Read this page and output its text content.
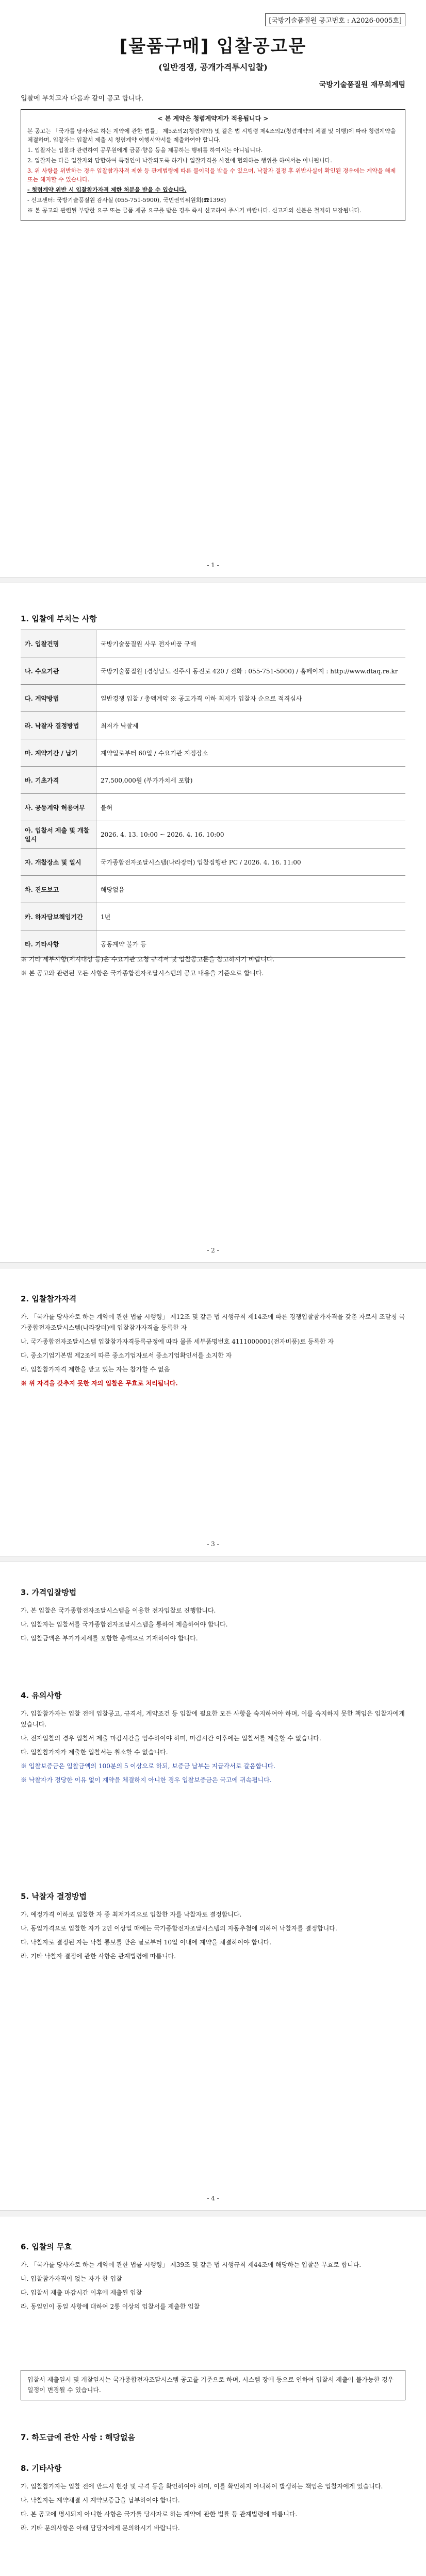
[국방기술품질원 공고번호 : A2026-0005호]
[물품구매] 입찰공고문
(일반경쟁, 공개가격투시입찰)
국방기술품질원 재무회계팀
입찰에 부치고자 다음과 같이 공고 합니다.
< 본 계약은 청렴계약제가 적용됩니다 >
본 공고는 「국가를 당사자로 하는 계약에 관한 법률」 제5조의2(청렴계약) 및 같은 법 시행령 제4조의2(청렴계약의 체결 및 이행)에 따라 청렴계약을 체결하며, 입찰자는 입찰서 제출 시 청렴계약 이행서약서를 제출하여야 합니다.
1. 입찰자는 입찰과 관련하여 공무원에게 금품·향응 등을 제공하는 행위를 하여서는 아니됩니다.
2. 입찰자는 다른 입찰자와 담합하여 특정인이 낙찰되도록 하거나 입찰가격을 사전에 협의하는 행위를 하여서는 아니됩니다.
3. 위 사항을 위반하는 경우 입찰참가자격 제한 등 관계법령에 따른 불이익을 받을 수 있으며, 낙찰자 결정 후 위반사실이 확인된 경우에는 계약을 해제 또는 해지할 수 있습니다.
- 청렴계약 위반 시 입찰참가자격 제한 처분을 받을 수 있습니다.
- 신고센터: 국방기술품질원 감사실 (055-751-5900), 국민권익위원회(☎1398)
※ 본 공고와 관련된 부당한 요구 또는 금품 제공 요구를 받은 경우 즉시 신고하여 주시기 바랍니다. 신고자의 신분은 철저히 보장됩니다.
- 1 -
1. 입찰에 부치는 사항
가. 입찰건명	국방기술품질원 사무 전자비품 구매
나. 수요기관	국방기술품질원 (경상남도 진주시 동진로 420 / 전화 : 055-751-5000) / 홈페이지 : http://www.dtaq.re.kr
다. 계약방법	일반경쟁 입찰 / 총액계약 ※ 공고가격 이하 최저가 입찰자 순으로 적격심사
라. 낙찰자 결정방법	최저가 낙찰제
마. 계약기간 / 납기	계약일로부터 60일 / 수요기관 지정장소
바. 기초가격	27,500,000원 (부가가치세 포함)
사. 공동계약 허용여부	불허
아. 입찰서 제출 및 개찰일시	2026. 4. 13. 10:00 ~ 2026. 4. 16. 10:00
자. 개찰장소 및 일시	국가종합전자조달시스템(나라장터) 입찰집행관 PC / 2026. 4. 16. 11:00
차. 진도보고	해당없음
카. 하자담보책임기간	1년
타. 기타사항	공동계약 불가 등
※ 기타 세부사항(제시대상 등)은 수요기관 요청 규격서 및 입찰공고문을 참고하시기 바랍니다.
※ 본 공고와 관련된 모든 사항은 국가종합전자조달시스템의 공고 내용을 기준으로 합니다.
- 2 -
2. 입찰참가자격
가. 「국가를 당사자로 하는 계약에 관한 법률 시행령」 제12조 및 같은 법 시행규칙 제14조에 따른 경쟁입찰참가자격을 갖춘 자로서 조달청 국가종합전자조달시스템(나라장터)에 입찰참가자격을 등록한 자
나. 국가종합전자조달시스템 입찰참가자격등록규정에 따라 물품 세부품명번호 4111000001(전자비품)로 등록한 자
다. 중소기업기본법 제2조에 따른 중소기업자로서 중소기업확인서를 소지한 자
라. 입찰참가자격 제한을 받고 있는 자는 참가할 수 없음
※ 위 자격을 갖추지 못한 자의 입찰은 무효로 처리됩니다.
- 3 -
3. 가격입찰방법
가. 본 입찰은 국가종합전자조달시스템을 이용한 전자입찰로 진행합니다.
나. 입찰자는 입찰서를 국가종합전자조달시스템을 통하여 제출하여야 합니다.
다. 입찰금액은 부가가치세를 포함한 총액으로 기재하여야 합니다.
4. 유의사항
가. 입찰참가자는 입찰 전에 입찰공고, 규격서, 계약조건 등 입찰에 필요한 모든 사항을 숙지하여야 하며, 이를 숙지하지 못한 책임은 입찰자에게 있습니다.
나. 전자입찰의 경우 입찰서 제출 마감시간을 엄수하여야 하며, 마감시간 이후에는 입찰서를 제출할 수 없습니다.
다. 입찰참가자가 제출한 입찰서는 취소할 수 없습니다.
※ 입찰보증금은 입찰금액의 100분의 5 이상으로 하되, 보증금 납부는 지급각서로 갈음합니다.
※ 낙찰자가 정당한 이유 없이 계약을 체결하지 아니한 경우 입찰보증금은 국고에 귀속됩니다.
5. 낙찰자 결정방법
가. 예정가격 이하로 입찰한 자 중 최저가격으로 입찰한 자를 낙찰자로 결정합니다.
나. 동일가격으로 입찰한 자가 2인 이상일 때에는 국가종합전자조달시스템의 자동추첨에 의하여 낙찰자를 결정합니다.
다. 낙찰자로 결정된 자는 낙찰 통보를 받은 날로부터 10일 이내에 계약을 체결하여야 합니다.
라. 기타 낙찰자 결정에 관한 사항은 관계법령에 따릅니다.
- 4 -
6. 입찰의 무효
가. 「국가를 당사자로 하는 계약에 관한 법률 시행령」 제39조 및 같은 법 시행규칙 제44조에 해당하는 입찰은 무효로 합니다.
나. 입찰참가자격이 없는 자가 한 입찰
다. 입찰서 제출 마감시간 이후에 제출된 입찰
라. 동일인이 동일 사항에 대하여 2통 이상의 입찰서를 제출한 입찰
입찰서 제출일시 및 개찰일시는 국가종합전자조달시스템 공고를 기준으로 하며, 시스템 장애 등으로 인하여 입찰서 제출이 불가능한 경우 일정이 변경될 수 있습니다.
7. 하도급에 관한 사항 : 해당없음
8. 기타사항
가. 입찰참가자는 입찰 전에 반드시 현장 및 규격 등을 확인하여야 하며, 이를 확인하지 아니하여 발생하는 책임은 입찰자에게 있습니다.
나. 낙찰자는 계약체결 시 계약보증금을 납부하여야 합니다.
다. 본 공고에 명시되지 아니한 사항은 국가를 당사자로 하는 계약에 관한 법률 등 관계법령에 따릅니다.
라. 기타 문의사항은 아래 담당자에게 문의하시기 바랍니다.
